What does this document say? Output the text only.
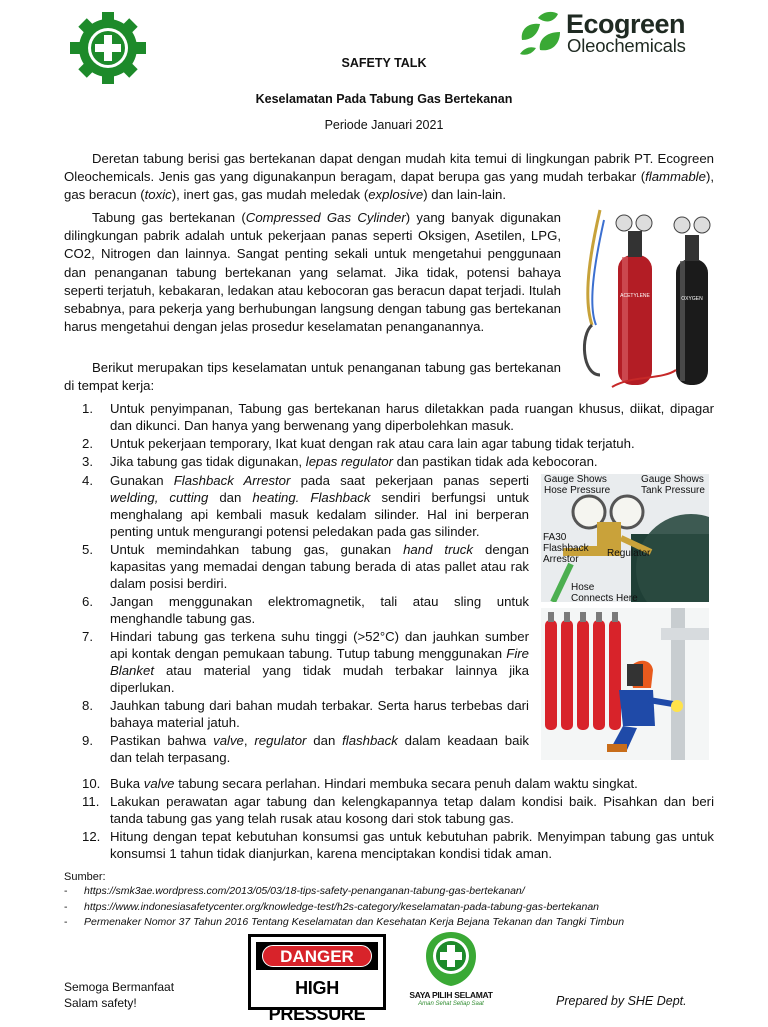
Ecogreen
Oleochemicals
SAFETY TALK
Keselamatan Pada Tabung Gas Bertekanan
Periode Januari 2021

Deretan tabung berisi gas bertekanan dapat dengan mudah kita temui di lingkungan pabrik PT. Ecogreen Oleochemicals. Jenis gas yang digunakanpun beragam, dapat berupa gas yang mudah terbakar (flammable), gas beracun (toxic), inert gas, gas mudah meledak (explosive) dan lain-lain.

Tabung gas bertekanan (Compressed Gas Cylinder) yang banyak digunakan dilingkungan pabrik adalah untuk pekerjaan panas seperti Oksigen, Asetilen, LPG, CO2, Nitrogen dan lainnya. Sangat penting sekali untuk mengetahui penggunaan dan penanganan tabung bertekanan yang selamat. Jika tidak, potensi bahaya seperti terjatuh, kebakaran, ledakan atau kebocoran gas beracun dapat terjadi. Itulah sebabnya, para pekerja yang berhubungan langsung dengan tabung gas bertekanan harus mengetahui dengan jelas prosedur keselamatan penanganannya.

Berikut merupakan tips keselamatan untuk penanganan tabung gas bertekanan di tempat kerja:

ACETYLENE	OXYGEN
Gauge Shows
Hose Pressure
Gauge Shows
Tank Pressure
FA30
Flashback
Arrestor
Regulator
Hose
Connects Here
1. Untuk penyimpanan, Tabung gas bertekanan harus diletakkan pada ruangan khusus, diikat, dipagar dan dikunci. Dan hanya yang berwenang yang diperbolehkan masuk.
2. Untuk pekerjaan temporary, Ikat kuat dengan rak atau cara lain agar tabung tidak terjatuh.
3. Jika tabung gas tidak digunakan, lepas regulator dan pastikan tidak ada kebocoran.
4. Gunakan Flashback Arrestor pada saat pekerjaan panas seperti welding, cutting dan heating. Flashback sendiri berfungsi untuk menghalang api kembali masuk kedalam silinder. Hal ini berperan penting untuk mengurangi potensi peledakan pada gas silinder.
5. Untuk memindahkan tabung gas, gunakan hand truck dengan kapasitas yang memadai dengan tabung berada di atas pallet atau rak dalam posisi berdiri.
6. Jangan menggunakan elektromagnetik, tali atau sling untuk menghandle tabung gas.
7. Hindari tabung gas terkena suhu tinggi (>52°C) dan jauhkan sumber api kontak dengan pemukaan tabung. Tutup tabung menggunakan Fire Blanket atau material yang tidak mudah terbakar lainnya jika diperlukan.
8. Jauhkan tabung dari bahan mudah terbakar. Serta harus terbebas dari bahaya material jatuh.
9. Pastikan bahwa valve, regulator dan flashback dalam keadaan baik dan telah terpasang.
10. Buka valve tabung secara perlahan. Hindari membuka secara penuh dalam waktu singkat.
11. Lakukan perawatan agar tabung dan kelengkapannya tetap dalam kondisi baik. Pisahkan dan beri tanda tabung gas yang telah rusak atau kosong dari stok tabung gas.
12. Hitung dengan tepat kebutuhan konsumsi gas untuk kebutuhan pabrik. Menyimpan tabung gas untuk konsumsi 1 tahun tidak dianjurkan, karena menciptakan kondisi tidak aman.
Sumber:
- https://smk3ae.wordpress.com/2013/05/03/18-tips-safety-penanganan-tabung-gas-bertekanan/
- https://www.indonesiasafetycenter.org/knowledge-test/h2s-category/keselamatan-pada-tabung-gas-bertekanan
- Permenaker Nomor 37 Tahun 2016 Tentang Keselamatan dan Kesehatan Kerja Bejana Tekanan dan Tangki Timbun
DANGER
HIGH PRESSURE
SAYA PILIH SELAMAT
Aman Sehat Setiap Saat
Semoga Bermanfaat
Salam safety!	Prepared by SHE Dept.
